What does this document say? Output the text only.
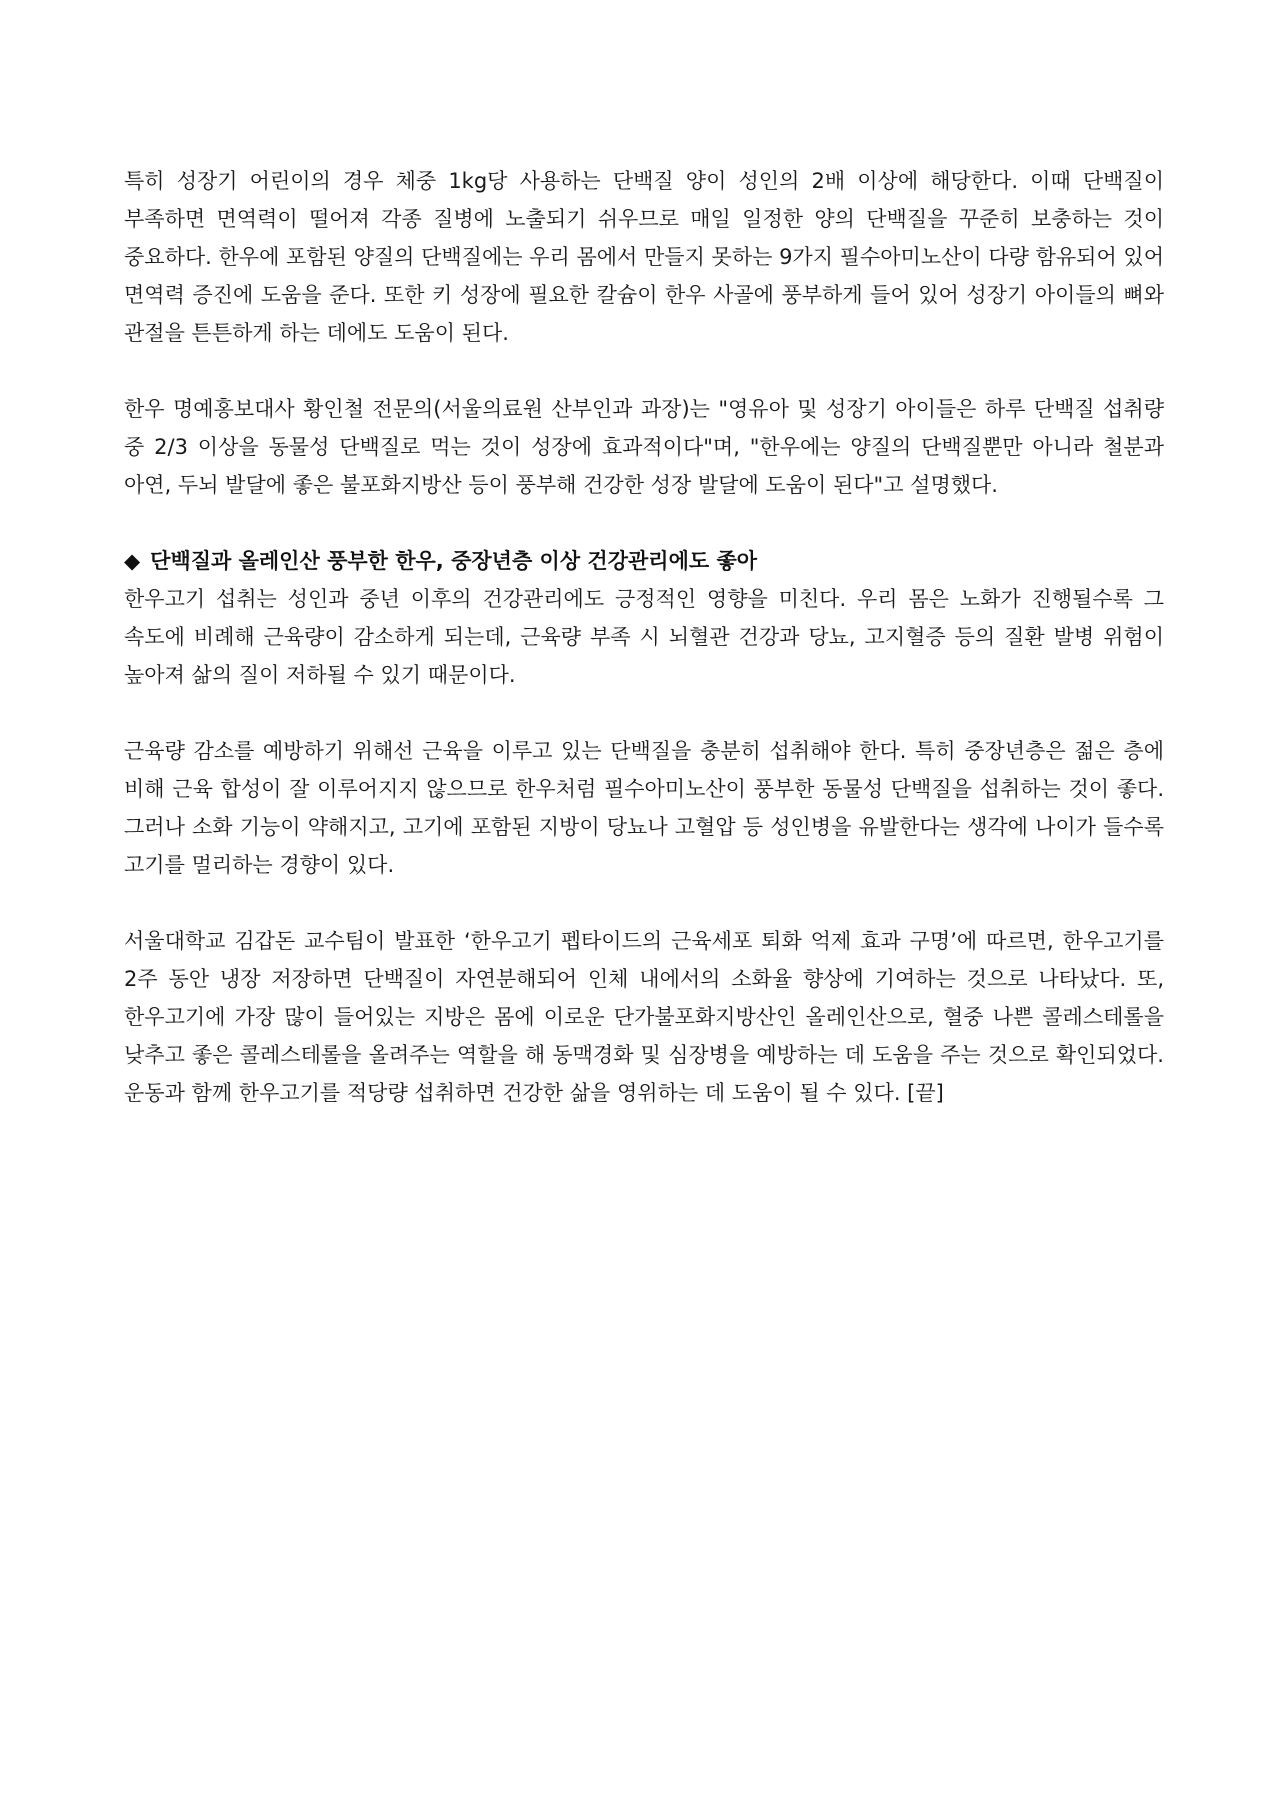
특히 성장기 어린이의 경우 체중 1kg당 사용하는 단백질 양이 성인의 2배 이상에 해당한다. 이때 단백질이 부족하면 면역력이 떨어져 각종 질병에 노출되기 쉬우므로 매일 일정한 양의 단백질을 꾸준히 보충하는 것이 중요하다. 한우에 포함된 양질의 단백질에는 우리 몸에서 만들지 못하는 9가지 필수아미노산이 다량 함유되어 있어 면역력 증진에 도움을 준다. 또한 키 성장에 필요한 칼슘이 한우 사골에 풍부하게 들어 있어 성장기 아이들의 뼈와 관절을 튼튼하게 하는 데에도 도움이 된다.

한우 명예홍보대사 황인철 전문의(서울의료원 산부인과 과장)는 "영유아 및 성장기 아이들은 하루 단백질 섭취량 중 2/3 이상을 동물성 단백질로 먹는 것이 성장에 효과적이다"며, "한우에는 양질의 단백질뿐만 아니라 철분과 아연, 두뇌 발달에 좋은 불포화지방산 등이 풍부해 건강한 성장 발달에 도움이 된다"고 설명했다.

◆ 단백질과 올레인산 풍부한 한우, 중장년층 이상 건강관리에도 좋아

한우고기 섭취는 성인과 중년 이후의 건강관리에도 긍정적인 영향을 미친다. 우리 몸은 노화가 진행될수록 그 속도에 비례해 근육량이 감소하게 되는데, 근육량 부족 시 뇌혈관 건강과 당뇨, 고지혈증 등의 질환 발병 위험이 높아져 삶의 질이 저하될 수 있기 때문이다.

근육량 감소를 예방하기 위해선 근육을 이루고 있는 단백질을 충분히 섭취해야 한다. 특히 중장년층은 젊은 층에 비해 근육 합성이 잘 이루어지지 않으므로 한우처럼 필수아미노산이 풍부한 동물성 단백질을 섭취하는 것이 좋다. 그러나 소화 기능이 약해지고, 고기에 포함된 지방이 당뇨나 고혈압 등 성인병을 유발한다는 생각에 나이가 들수록 고기를 멀리하는 경향이 있다.

서울대학교 김갑돈 교수팀이 발표한 ‘한우고기 펩타이드의 근육세포 퇴화 억제 효과 구명’에 따르면, 한우고기를 2주 동안 냉장 저장하면 단백질이 자연분해되어 인체 내에서의 소화율 향상에 기여하는 것으로 나타났다. 또, 한우고기에 가장 많이 들어있는 지방은 몸에 이로운 단가불포화지방산인 올레인산으로, 혈중 나쁜 콜레스테롤을 낮추고 좋은 콜레스테롤을 올려주는 역할을 해 동맥경화 및 심장병을 예방하는 데 도움을 주는 것으로 확인되었다. 운동과 함께 한우고기를 적당량 섭취하면 건강한 삶을 영위하는 데 도움이 될 수 있다. [끝]
